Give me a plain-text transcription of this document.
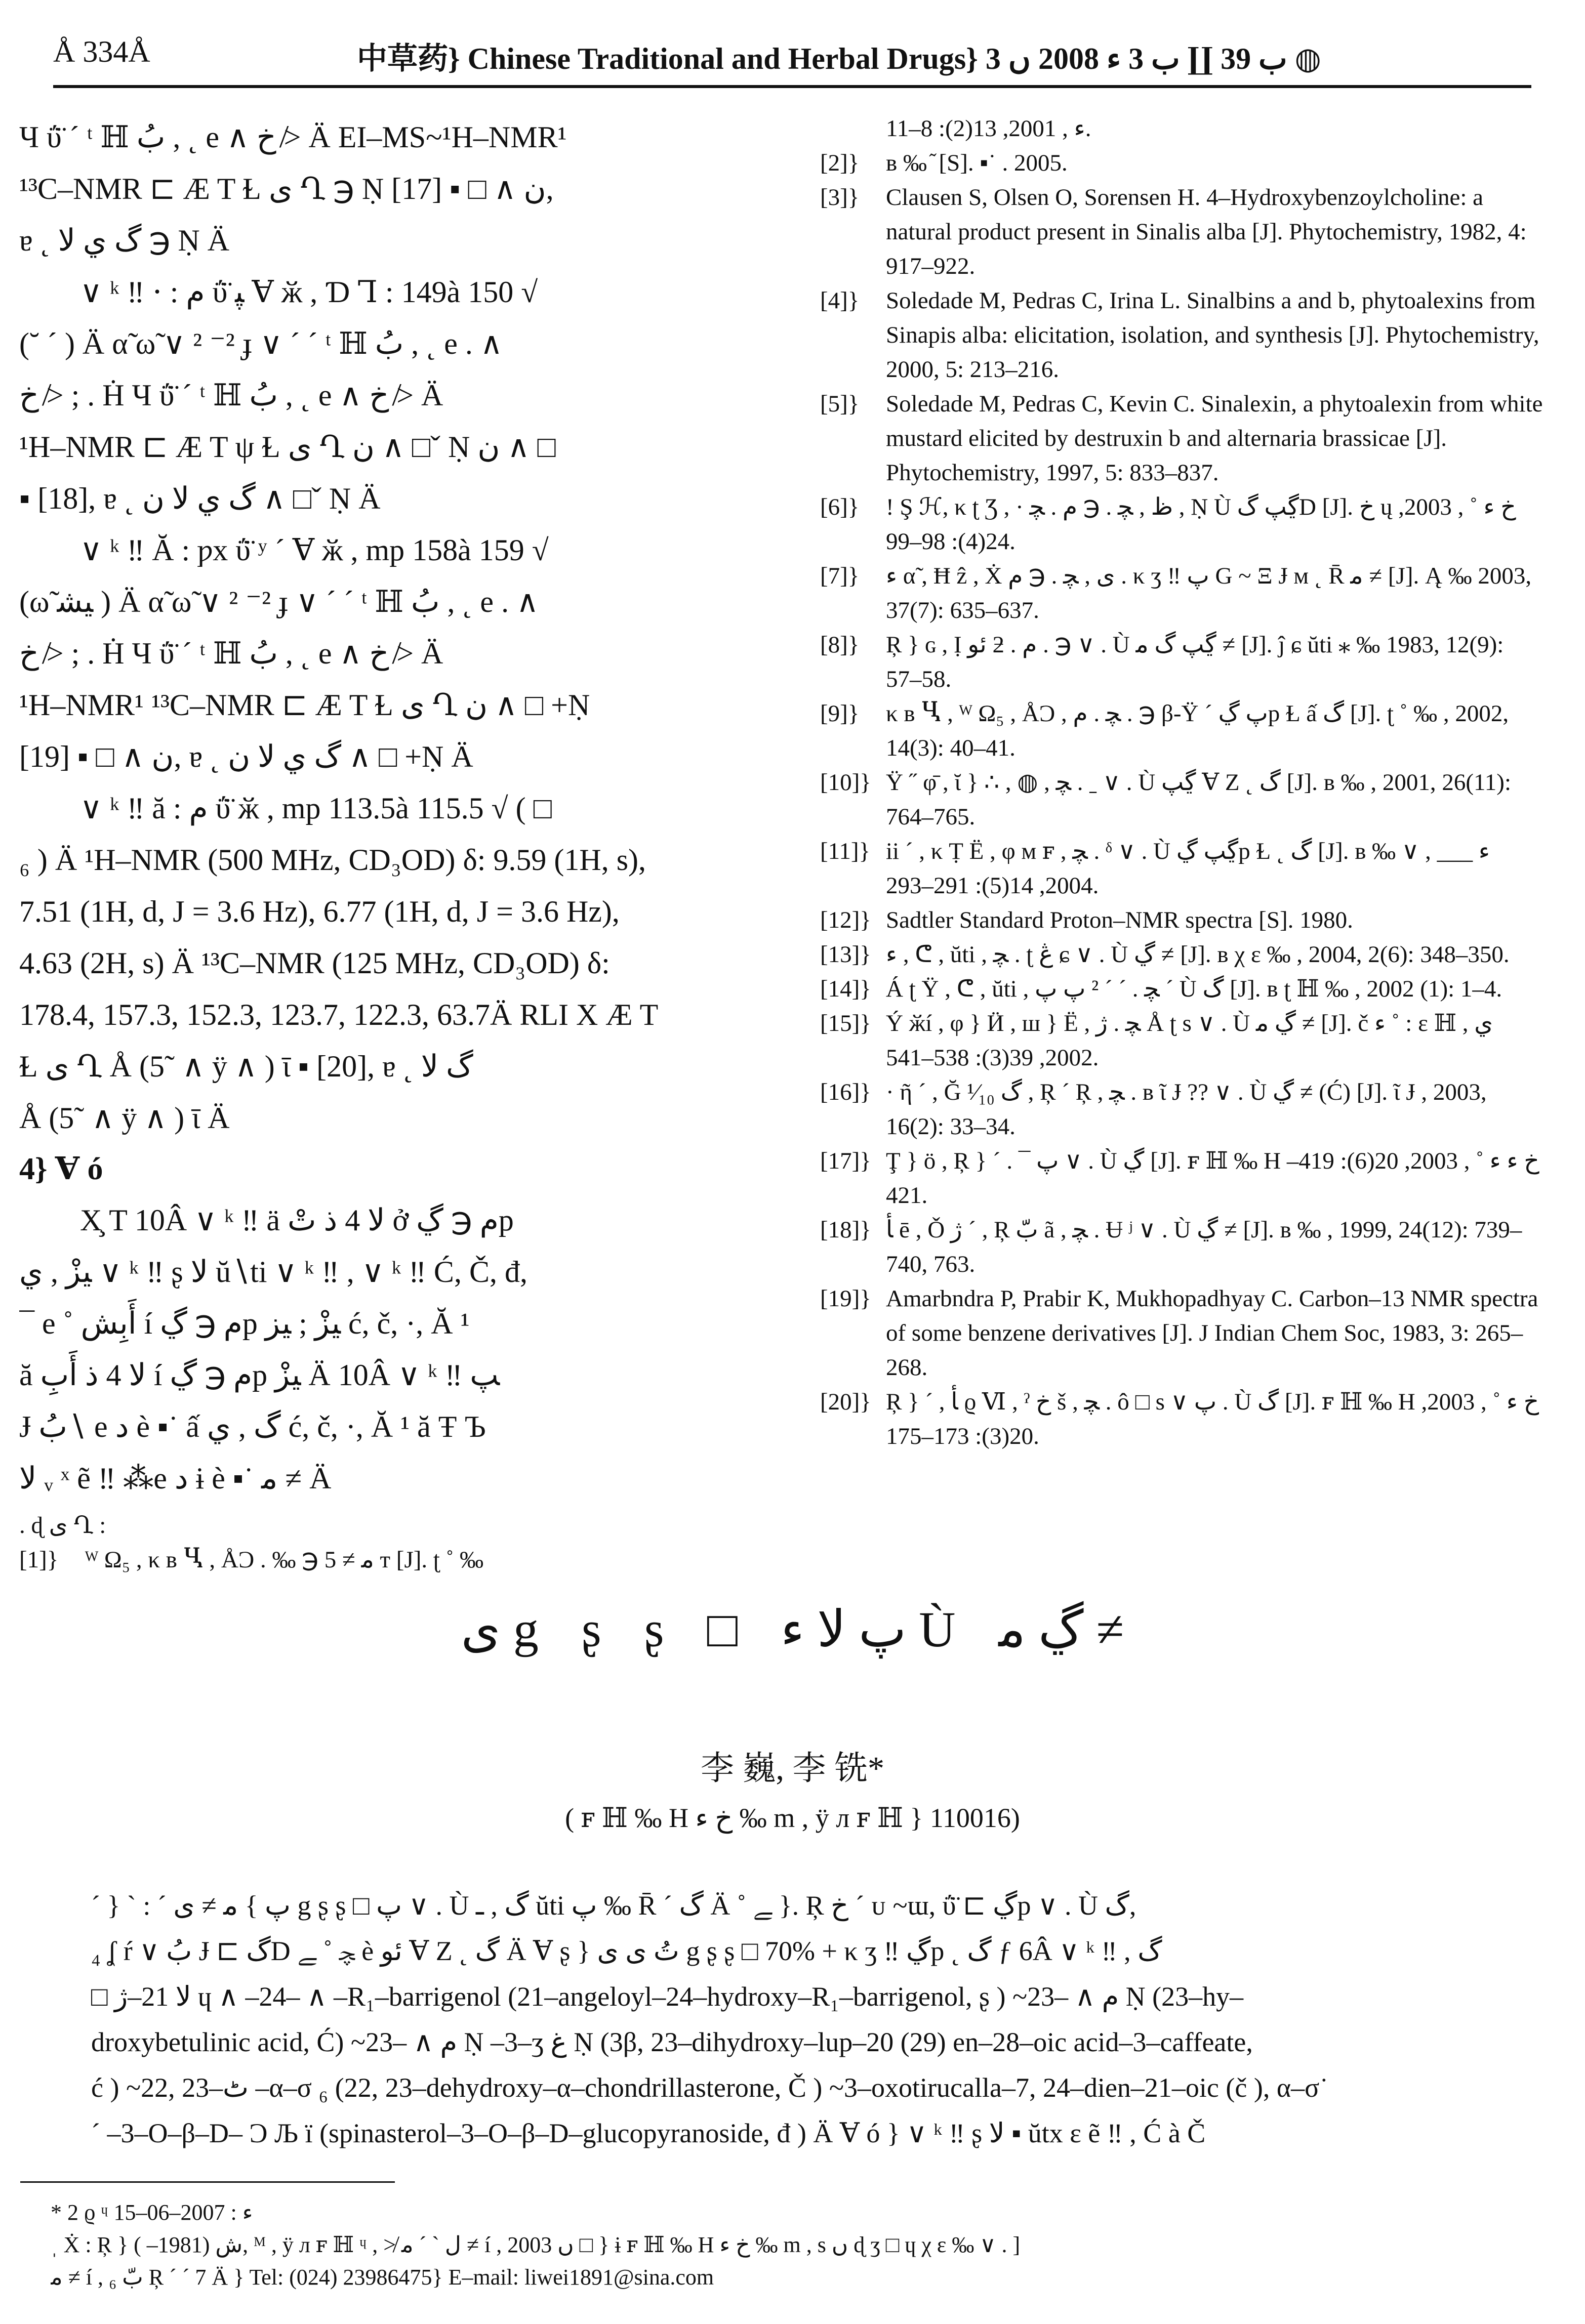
Å 334Å	中草药} Chinese Traditional and Herbal Drugs} ب 39 ∐ ب 3 ﺀ 2008 ں 3 ◍
Ч ΰ̈ ˊ ᵗ ℍ بُ , ˛ e ∧ خ ≯ Ä EI–MS~¹H–NMR¹
¹³C–NMR ⊏ Æ T Ɫ ى Ղ ℈ Ṇ ن ∧ □ ▪ [17],
ɐ ˛ گ ي لا ℈ Ṇ Ä
∨ ᵏ ‼ ⋅ : م ΰ̈ ﭙ Ɐ ӂ , Ɗ Ꞁ : 149à 150 √
(˘ ˊ ) Ä α̃ ω̃ ∨ ² ⁻² ɟ ∨ ˊ ˊ ᵗ ℍ بُ , ˛ e . ∧
خ ≯ ; . Ḣ Ч ΰ̈ ˊ ᵗ ℍ بُ , ˛ e ∧ خ ≯ Ä
¹H–NMR ⊏ Æ T ψ Ɫ ى Ղ ن ∧ □ˇ Ṇ ن ∧ □
▪ [18], ɐ ˛ گ ي لا ن ∧ □ˇ Ṇ Ä
∨ ᵏ ‼ Ă : ƿx ΰ̈ ʸ ˊ Ɐ ӂ , mp 158à 159 √
(ω̃ ﯿﺸ ) Ä α̃ ω̃ ∨ ² ⁻² ɟ ∨ ˊ ˊ ᵗ ℍ بُ , ˛ e . ∧
خ ≯ ; . Ḣ Ч ΰ̈ ˊ ᵗ ℍ بُ , ˛ e ∧ خ ≯ Ä
¹H–NMR¹ ¹³C–NMR ⊏ Æ T Ɫ ى Ղ ن ∧ □ +Ṇ
ن ∧ □ ▪ [19], ɐ ˛ گ ي لا ن ∧ □ +Ṇ Ä
∨ ᵏ ‼ ă : م ΰ̈ ӂ , mp 113.5à 115.5 √ ( □
₆ ) Ä ¹H–NMR (500 MHz, CD₃OD) δ: 9.59 (1H, s),
7.51 (1H, d, J = 3.6 Hz), 6.77 (1H, d, J = 3.6 Hz),
4.63 (2H, s) Ä ¹³C–NMR (125 MHz, CD₃OD) δ:
178.4, 157.3, 152.3, 123.7, 122.3, 63.7Ä RLI X Æ T
Ɫ ى Ղ Å (5˜ ∧ ÿ ∧ ) ῑ ▪ [20], ɐ ˛ گ لا
Å (5˜ ∧ ÿ ∧ ) ῑ Ä
4} Ɐ ó
X̧ T 10Â ∨ ᵏ ‼ ä لا 4 ﺫ تْ ở م ℈ ڲp
ﯿﺰْ , ي ∨ ᵏ ‼ ʂ لا ŭ∖ti ∨ ᵏ ‼ , ∨ ᵏ ‼ Ć, Č, đ,
¯ e ˚ أَبِش í م ℈ ڲp ﯿﺰْ ; ﯿﺰ ć, č, ·, Ă ¹
ă لا 4 ﺫ أَبِ í م ℈ ڲp ﯿﺰْ Ä 10Â ∨ ᵏ ‼ ﭗ
Ɉ بُ∖ e ﺩ è ▪˙ ấ گ , ي ć, č, ·, Ă ¹ ă Ŧ Ъ
لا ᵥ ˣ ẽ ‼ ⁂e ﺩ ɨ è ▪˙ ﻣ ≠ Ä
. ɖ ى Ղ :
[1]}	ᵂ Ω₅ , κ ʙ Ⴁ , ÅƆ . ‰ ℈ ﻣ ≠ 5 т [J]. ʈ ˚ ‰
ﺀ , 2001, 13(2): 8–11.
[2]}	ʙ ‰ ᷉ [S]. ▪˙ . 2005.
[3]}	Clausen S, Olsen O, Sorensen H. 4–Hydroxybenzoylcholine: a natural product present in Sinalis alba [J]. Phytochemistry, 1982, 4: 917–922.
[4]}	Soledade M, Pedras C, Irina L. Sinalbins a and b, phytoalexins from Sinapis alba: elicitation, isolation, and synthesis [J]. Phytochemistry, 2000, 5: 213–216.
[5]}	Soledade M, Pedras C, Kevin C. Sinalexin, a phytoalexin from white mustard elicited by destruxin b and alternaria brassicae [J]. Phytochemistry, 1997, 5: 833–837.
[6]}	! Ş ℋ, κ ʈ Ʒ , · ظ , ﭽ . ℈ م . ﭽ , Ṇ Ù ڲپ گD [J]. خ ų خ ﺀ ˚ , 2003, 24(4): 98–99.
[7]}	ﺀ α̃ , Ħ ẑ , Ẋ ى , ﭽ . ℈ م . κ ʒ ‼ پ G ~ Ξ Ɉ ᴍ ˛ R̄ ﻣ ≠ [J]. Ą ‰ 2003, 37(7): 635–637.
[8]}	Ŗ } ɢ , Ị ئو ƻ . م . ℈ ∨ . Ù ڲپ گ ﻣ ≠ [J]. ĵ ɕ ŭti ⁎ ‰ 1983, 12(9): 57–58.
[9]}	κ ʙ Ⴁ , ᵂ Ω₅ , ÅƆ , ﭽ . م . ℈ β-Ÿ ˊ پ ڲp Ɫ ấ گ [J]. ʈ ˚ ‰ , 2002, 14(3): 40–41.
[10]} Ÿ ˝ φ̄ , ῐ } ∴ , ◍ , ﭽ . ˍ ∨ . Ù ڲپ Ɐ Z ˛ گ [J]. ʙ ‰ , 2001, 26(11): 764–765.
[11]} ii ˊ , κ Ṭ Ë , φ ᴍ ꜰ , ﭽ . ᵟ ∨ . Ù ڲپ ڲp Ɫ ˛ گ [J]. ʙ ‰ ∨ ﺀ ___ , 2004, 14(5): 291–293.
[12]} Sadtler Standard Proton–NMR spectra [S]. 1980.
[13]} ﺀ , ᕦ , ŭti , ﭽ . ʈ ڠ ɕ ∨ . Ù ڲ ≠ [J]. ʙ χ ε ‰ , 2004, 2(6): 348–350.
[14]} Á ʈ Ÿ , ᕦ , ŭti , ﭽ . ˊ ˊ ² ﭖ پ ˊ Ù گ [J]. ʙ ʈ ℍ ‰ , 2002 (1): 1–4.
[15]} Ý ӂí , φ } Ӥ , ш } Ë , ﭽ . ژ Å ʈ s ∨ . Ù ڲ ﻣ ≠ [J]. č ﺀ ˚ : ε ℍ ي , 2002, 39(3): 538–541.
[16]} · ῆ ˊ , Ğ ¹⁄₁₀ گ , Ŗ ˊ Ŗ , ﭽ . ʙ ῖ Ɉ ?? ∨ . Ù ڲ ≠ (Ć) [J]. ῖ Ɉ , 2003, 16(2): 33–34.
[17]} Ţ } ö , Ŗ } ˊ . ¯ پ ∨ . Ù ڲ [J]. ꜰ ℍ ‰ H خ ﺀ ﺀ ˚ , 2003, 20(6): 419–421.
[18]} ﺄ ē , Ǒ ژ ˊ , Ŗ بّ ã , ﭽ . Ʉ ʲ ∨ . Ù ڲ ≠ [J]. ʙ ‰ , 1999, 24(12): 739–740, 763.
[19]} Amarbndra P, Prabir K, Mukhopadhyay C. Carbon–13 NMR spectra of some benzene derivatives [J]. J Indian Chem Soc, 1983, 3: 265–268.
[20]} Ŗ } ˊ , ﺄ ϱ Ⅵ , ˀ خ š , ﭽ . ô □ s ∨ پ . Ù گ [J]. ꜰ ℍ ‰ H خ ﺀ ˚ , 2003, 20(3): 173–175.
ى g ʂ ʂ □ پ لا ﺀ Ù ڲ ﻣ ≠
李 巍, 李 铣*
( ꜰ ℍ ‰ H خ ﺀ ‰ m , ÿ л ꜰ ℍ } 110016)
ˊ } ˋ : ˊ پ } ﻣ ≠ ى g ʂ ʂ □ پ ∨ . Ù گ , ـ ŭti پ ‰ R̄ ˊ گ Ä ˚ ﮯ }. Ŗ خ ˊ ᴜ ~ɯ, ΰ̈ ⊏ ڲp ∨ . Ù گ,
₄ ʆ ŕ ∨ بُ Ɉ ⊏ گD ﭽ ˚ ﮯ è ئو Ɐ Z ˛ گ Ä Ɐ ʂ } تُ ى ى g ʂ ʂ □ 70% + κ ʒ ‼ ڲp ˛ گ ƒ 6Â ∨ ᵏ ‼ , گ
□ لا 21–ژ ɥ ∧ –24– ∧ –R₁–barrigenol (21–angeloyl–24–hydroxy–R₁–barrigenol, ʂ ) ~23– ∧ م Ṇ (23–hy–
droxybetulinic acid, Ć) ~23– ∧ م Ṇ –3–ʒ غ Ṇ (3β, 23–dihydroxy–lup–20 (29) en–28–oic acid–3–caffeate,
ć ) ~22, 23–ٹ –α–σ ₆ (22, 23–dehydroxy–α–chondrillasterone, Č ) ~3–oxotirucalla–7, 24–dien–21–oic (č ), α–σ˙
ˊ –3–O–β–D– Ɔ Љ ï (spinasterol–3–O–β–D–glucopyranoside, đ ) Ä Ɐ ó } ∨ ᵏ ‼ ʂ لا ▪ ŭtx ε ẽ ‼ , Ć à Č
* 2 ϱ ᶣ ﺀ : 2007–06–15
ˌ Ẋ : Ŗ } ﺵ (1981– ), ᴹ , ÿ л ꜰ ℍ ᶣ , ≯ ل ˋ ˊ ﻣ ≠ í , 2003 ں □ } ɨ ꜰ ℍ ‰ H خ ﺀ ‰ m , s ں ɖ ʒ □ ɥ χ ε ‰ ∨ . ]
ﻣ ≠ í , ₆ بّ Ŗ ˊ ˊ 7 Ä } Tel: (024) 23986475} E–mail: liwei1891@sina.com
